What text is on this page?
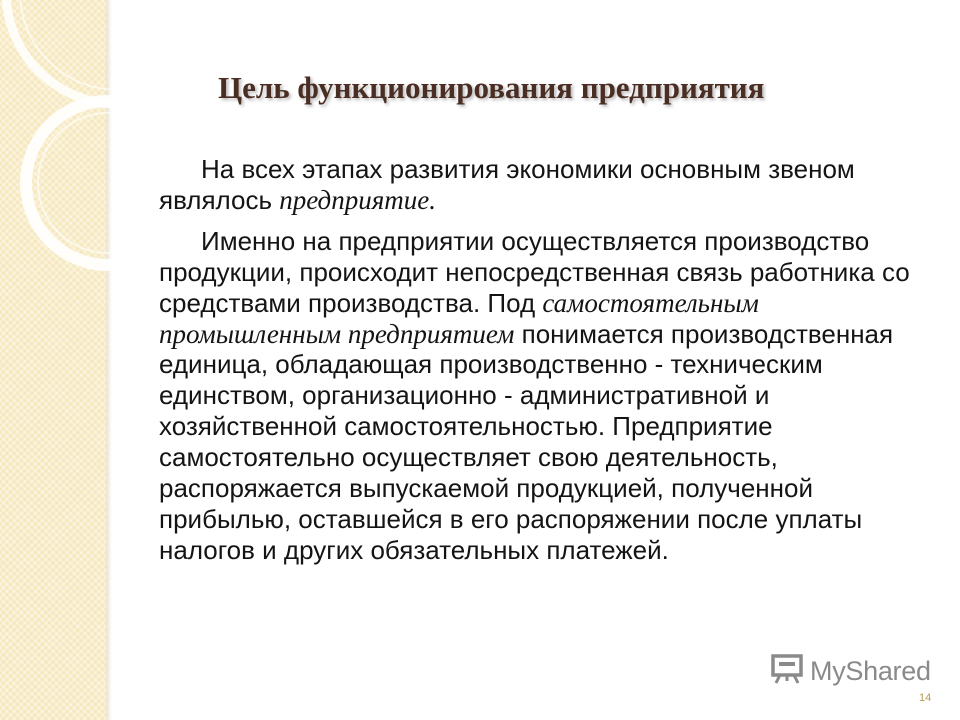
Цель функционирования предприятия

На всех этапах развития экономики основным звеном являлось предприятие.

Именно на предприятии осуществляется производство продукции, происходит непосредственная связь работника со средствами производства. Под самостоятельным промышленным предприятием понимается производственная единица, обладающая производственно - техническим единством, организационно - административной и хозяйственной самостоятельностью. Предприятие самостоятельно осуществляет свою деятельность, распоряжается выпускаемой продукцией, полученной прибылью, оставшейся в его распоряжении после уплаты налогов и других обязательных платежей.

MyShared
14
